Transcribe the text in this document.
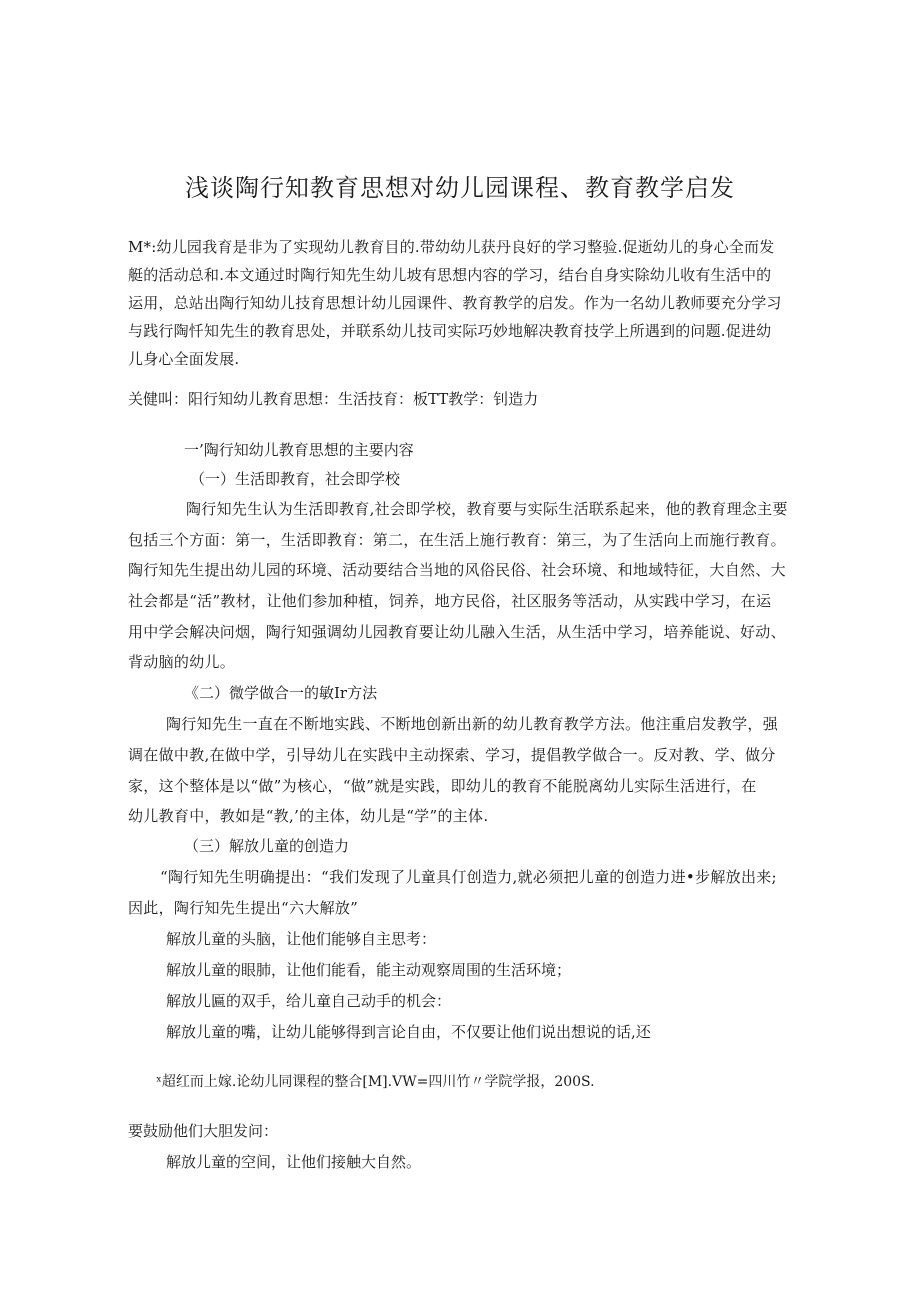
浅谈陶行知教育思想对幼儿园课程、教育教学启发
M*:幼儿园我育是非为了实现幼儿教育目的.带幼幼儿获丹良好的学习整验.促逝幼儿的身心全而发
艇的活动总和.本文通过时陶行知先生幼儿坡有思想内容的学习，结台自身实除幼儿收有生活中的
运用，总站出陶行知幼儿技育思想计幼儿园课件、教育教学的启发。作为一名幼儿教师要充分学习
与践行陶忏知先生的教育思处，并联系幼儿技司实际巧妙地解决教育技学上所遇到的问题.促进幼
儿身心全面发展.
关健叫：阳行知幼儿教育思想：生活技育：板TT教学：钊造力
一’陶行知幼儿教育思想的主要内容
（一）生活即教育，社会即学校
陶行知先生认为生活即教育,社会即学校，教育要与实际生活联系起来，他的教育理念主要
包括三个方面：第一，生活即教育：第二，在生活上施行教育：第三，为了生活向上而施行教育。
陶行知先生提出幼儿园的环境、活动要结合当地的风俗民俗、社会环境、和地域特征，大自然、大
社会都是“活”教材，让他们参加种植，饲养，地方民俗，社区服务等活动，从实践中学习，在运
用中学会解决问烟，陶行知强调幼儿园教育要让幼儿融入生活，从生活中学习，培养能说、好动、
背动脑的幼儿。
《二）微学做合一的敏Ir方法
陶行知先生一直在不断地实践、不断地创新出新的幼儿教育教学方法。他注重启发教学，强
调在做中教,在做中学，引导幼儿在实践中主动探索、学习，提倡教学做合一。反对教、学、做分
家，这个整体是以“做”为核心，“做”就是实践，即幼儿的教育不能脱离幼儿实际生活进行，在
幼儿教育中，教如是“教,’的主体，幼儿是“学”的主体.
（三）解放儿童的创造力
“陶行知先生明确提出：“我们发现了儿童具仃创造力,就必须把儿童的创造力进•步解放出来;
因此，陶行知先生提出“六大解放”
解放儿童的头脑，让他们能够自主思考：
解放儿童的眼肺，让他们能看，能主动观察周围的生活环境；
解放儿匾的双手，给儿童自己动手的机会：
解放儿童的嘴，让幼儿能够得到言论自由，不仅要让他们说出想说的话,还
ˣ超红而上嫁.论幼儿同课程的整合[M].VW=四川竹〃学院学报，200S.
要鼓励他们大胆发问：
解放儿童的空间，让他们接触大自然。
